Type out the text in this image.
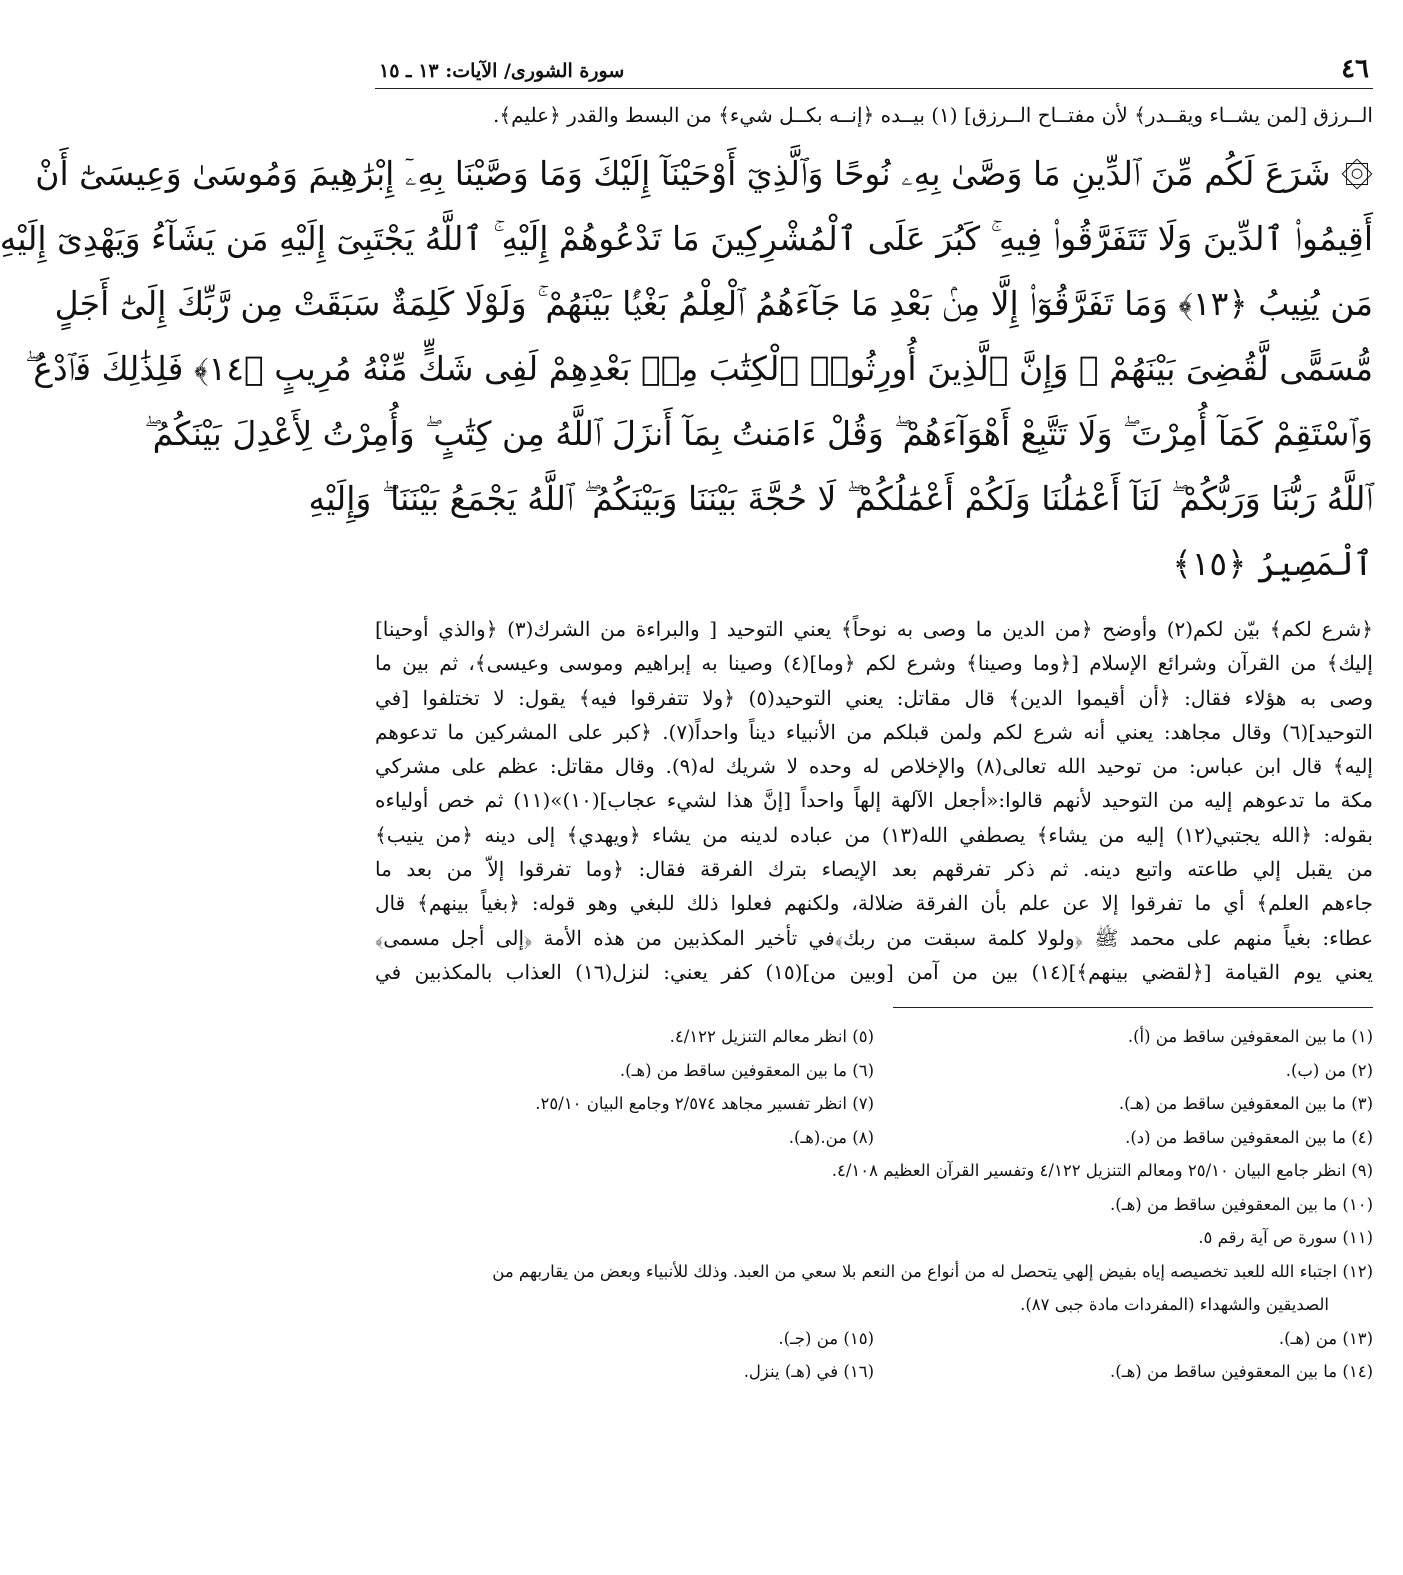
٤٦
سورة الشورى/ الآيات: ١٣ ـ ١٥
الــرزق [لمن يشــاء ويقــدر﴾ لأن مفتــاح الــرزق] (١) بيــده ﴿إنــه بكــل شيء﴾ من البسط والقدر ﴿عليم﴾.
۞ شَرَعَ لَكُم مِّنَ ٱلدِّينِ مَا وَصَّىٰ بِهِۦ نُوحًا وَٱلَّذِيٓ أَوْحَيْنَآ إِلَيْكَ وَمَا وَصَّيْنَا بِهِۦٓ إِبْرَٰهِيمَ وَمُوسَىٰ وَعِيسَىٰٓ أَنْ
أَقِيمُوا۟ ٱلدِّينَ وَلَا تَتَفَرَّقُوا۟ فِيهِ ۚ كَبُرَ عَلَى ٱلْمُشْرِكِينَ مَا تَدْعُوهُمْ إِلَيْهِ ۚ ٱللَّهُ يَجْتَبِىٓ إِلَيْهِ مَن يَشَآءُ وَيَهْدِىٓ إِلَيْهِ
مَن يُنِيبُ ﴿١٣﴾ وَمَا تَفَرَّقُوٓا۟ إِلَّا مِنۢ بَعْدِ مَا جَآءَهُمُ ٱلْعِلْمُ بَغْيًۢا بَيْنَهُمْ ۚ وَلَوْلَا كَلِمَةٌ سَبَقَتْ مِن رَّبِّكَ إِلَىٰٓ أَجَلٍ
مُّسَمًّى لَّقُضِىَ بَيْنَهُمْ ۚ وَإِنَّ ٱلَّذِينَ أُورِثُوا۟ ٱلْكِتَٰبَ مِنۢ بَعْدِهِمْ لَفِى شَكٍّ مِّنْهُ مُرِيبٍ ﴿١٤﴾ فَلِذَٰلِكَ فَٱدْعُ ۖ
وَٱسْتَقِمْ كَمَآ أُمِرْتَ ۖ وَلَا تَتَّبِعْ أَهْوَآءَهُمْ ۖ وَقُلْ ءَامَنتُ بِمَآ أَنزَلَ ٱللَّهُ مِن كِتَٰبٍ ۖ وَأُمِرْتُ لِأَعْدِلَ بَيْنَكُمُ ۖ
ٱللَّهُ رَبُّنَا وَرَبُّكُمْ ۖ لَنَآ أَعْمَٰلُنَا وَلَكُمْ أَعْمَٰلُكُمْ ۖ لَا حُجَّةَ بَيْنَنَا وَبَيْنَكُمُ ۖ ٱللَّهُ يَجْمَعُ بَيْنَنَا ۖ وَإِلَيْهِ
ٱلْمَصِيرُ ﴿١٥﴾
﴿شرع لكم﴾ بيّن لكم(٢) وأوضح ﴿من الدين ما وصى به نوحاً﴾ يعني التوحيد [ والبراءة من الشرك(٣) ﴿والذي أوحينا]
إليك﴾ من القرآن وشرائع الإسلام [﴿وما وصينا﴾ وشرع لكم ﴿وما](٤) وصينا به إبراهيم وموسى وعيسى﴾، ثم بين ما
وصى به هؤلاء فقال: ﴿أن أقيموا الدين﴾ قال مقاتل: يعني التوحيد(٥) ﴿ولا تتفرقوا فيه﴾ يقول: لا تختلفوا [في
التوحيد](٦) وقال مجاهد: يعني أنه شرع لكم ولمن قبلكم من الأنبياء ديناً واحداً(٧). ﴿كبر على المشركين ما تدعوهم
إليه﴾ قال ابن عباس: من توحيد الله تعالى(٨) والإخلاص له وحده لا شريك له(٩). وقال مقاتل: عظم على مشركي
مكة ما تدعوهم إليه من التوحيد لأنهم قالوا:«أجعل الآلهة إلهاً واحداً [إنَّ هذا لشيء عجاب](١٠)»(١١) ثم خص أولياءه
بقوله: ﴿الله يجتبي(١٢) إليه من يشاء﴾ يصطفي الله(١٣) من عباده لدينه من يشاء ﴿ويهدي﴾ إلى دينه ﴿من ينيب﴾
من يقبل إلي طاعته واتبع دينه. ثم ذكر تفرقهم بعد الإيصاء بترك الفرقة فقال: ﴿وما تفرقوا إلاّ من بعد ما
جاءهم العلم﴾ أي ما تفرقوا إلا عن علم بأن الفرقة ضلالة، ولكنهم فعلوا ذلك للبغي وهو قوله: ﴿بغياً بينهم﴾ قال
عطاء: بغياً منهم على محمد ﷺ ﴿ولولا كلمة سبقت من ربك﴾في تأخير المكذبين من هذه الأمة ﴿إلى أجل مسمى﴾
يعني يوم القيامة [﴿لقضي بينهم﴾](١٤) بين من آمن [وبين من](١٥) كفر يعني: لنزل(١٦) العذاب بالمكذبين في
(١) ما بين المعقوفين ساقط من (أ).
(٥) انظر معالم التنزيل ٤/١٢٢.
(٢) من (ب).
(٦) ما بين المعقوفين ساقط من (هـ).
(٣) ما بين المعقوفين ساقط من (هـ).
(٧) انظر تفسير مجاهد ٢/٥٧٤ وجامع البيان ٢٥/١٠.
(٤) ما بين المعقوفين ساقط من (د).
(٨) من.(هـ).
(٩) انظر جامع البيان ٢٥/١٠ ومعالم التنزيل ٤/١٢٢ وتفسير القرآن العظيم ٤/١٠٨.
(١٠) ما بين المعقوفين ساقط من (هـ).
(١١) سورة ص آية رقم ٥.
(١٢) اجتباء الله للعبد تخصيصه إياه بفيض إلهي يتحصل له من أنواع من النعم بلا سعي من العبد. وذلك للأنبياء وبعض من يقاربهم من
الصديقين والشهداء (المفردات مادة جبى ٨٧).
(١٣) من (هـ).
(١٥) من (جـ).
(١٤) ما بين المعقوفين ساقط من (هـ).
(١٦) في (هـ) ينزل.
